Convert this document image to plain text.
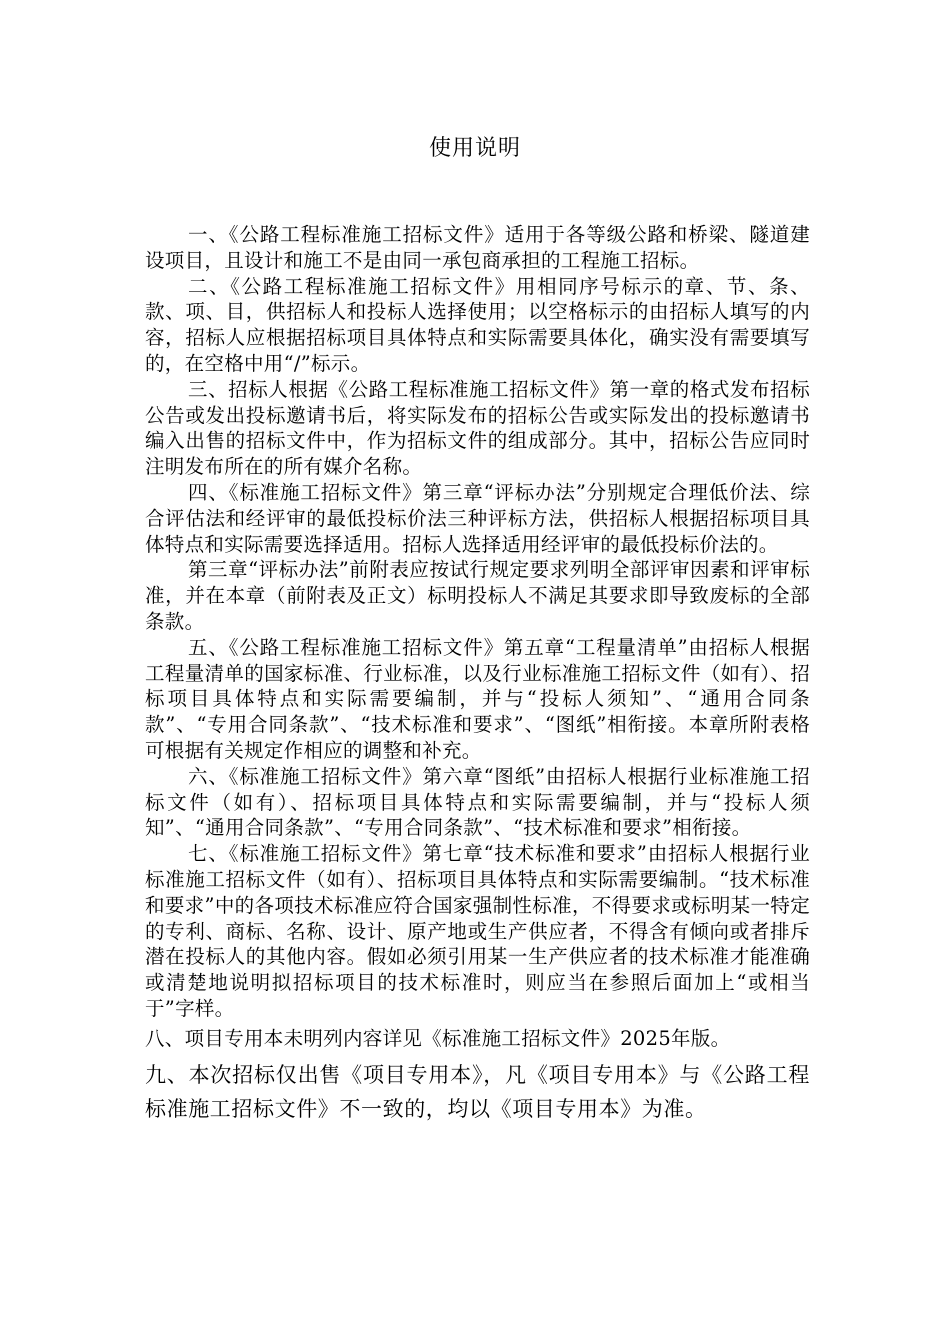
使用说明

一、《公路工程标准施工招标文件》适用于各等级公路和桥梁、隧道建设项目，且设计和施工不是由同一承包商承担的工程施工招标。

二、《公路工程标准施工招标文件》用相同序号标示的章、节、条、款、项、目，供招标人和投标人选择使用；以空格标示的由招标人填写的内容，招标人应根据招标项目具体特点和实际需要具体化，确实没有需要填写的，在空格中用“/”标示。

三、招标人根据《公路工程标准施工招标文件》第一章的格式发布招标公告或发出投标邀请书后，将实际发布的招标公告或实际发出的投标邀请书编入出售的招标文件中，作为招标文件的组成部分。其中，招标公告应同时注明发布所在的所有媒介名称。

四、《标准施工招标文件》第三章“评标办法”分别规定合理低价法、综合评估法和经评审的最低投标价法三种评标方法，供招标人根据招标项目具体特点和实际需要选择适用。招标人选择适用经评审的最低投标价法的。

第三章“评标办法”前附表应按试行规定要求列明全部评审因素和评审标准，并在本章（前附表及正文）标明投标人不满足其要求即导致废标的全部条款。

五、《公路工程标准施工招标文件》第五章“工程量清单”由招标人根据工程量清单的国家标准、行业标准，以及行业标准施工招标文件（如有）、招标项目具体特点和实际需要编制，并与“投标人须知”、“通用合同条款”、“专用合同条款”、“技术标准和要求”、“图纸”相衔接。本章所附表格可根据有关规定作相应的调整和补充。

六、《标准施工招标文件》第六章“图纸”由招标人根据行业标准施工招标文件（如有）、招标项目具体特点和实际需要编制，并与“投标人须知”、“通用合同条款”、“专用合同条款”、“技术标准和要求”相衔接。

七、《标准施工招标文件》第七章“技术标准和要求”由招标人根据行业标准施工招标文件（如有）、招标项目具体特点和实际需要编制。“技术标准和要求”中的各项技术标准应符合国家强制性标准，不得要求或标明某一特定的专利、商标、名称、设计、原产地或生产供应者，不得含有倾向或者排斥潜在投标人的其他内容。假如必须引用某一生产供应者的技术标准才能准确或清楚地说明拟招标项目的技术标准时，则应当在参照后面加上“或相当于”字样。

八、项目专用本未明列内容详见《标准施工招标文件》2025年版。

九、本次招标仅出售《项目专用本》，凡《项目专用本》与《公路工程标准施工招标文件》不一致的，均以《项目专用本》为准。
